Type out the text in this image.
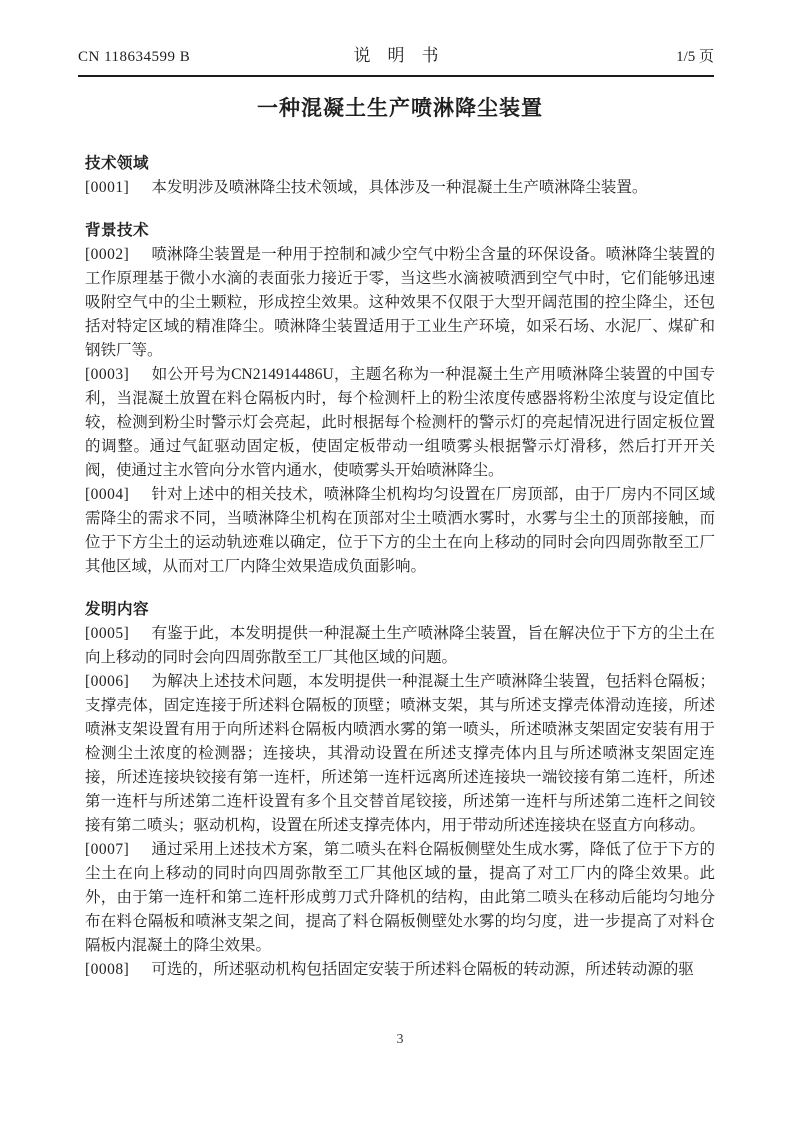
CN 118634599 B	说　明　书	1/5 页
一种混凝土生产喷淋降尘装置
技术领域

[0001] 本发明涉及喷淋降尘技术领域，具体涉及一种混凝土生产喷淋降尘装置。

背景技术

[0002] 喷淋降尘装置是一种用于控制和减少空气中粉尘含量的环保设备。喷淋降尘装置的工作原理基于微小水滴的表面张力接近于零，当这些水滴被喷洒到空气中时，它们能够迅速吸附空气中的尘土颗粒，形成控尘效果。这种效果不仅限于大型开阔范围的控尘降尘，还包括对特定区域的精准降尘。喷淋降尘装置适用于工业生产环境，如采石场、水泥厂、煤矿和钢铁厂等。

[0003] 如公开号为CN214914486U，主题名称为一种混凝土生产用喷淋降尘装置的中国专利，当混凝土放置在料仓隔板内时，每个检测杆上的粉尘浓度传感器将粉尘浓度与设定值比较，检测到粉尘时警示灯会亮起，此时根据每个检测杆的警示灯的亮起情况进行固定板位置的调整。通过气缸驱动固定板，使固定板带动一组喷雾头根据警示灯滑移，然后打开开关阀，使通过主水管向分水管内通水，使喷雾头开始喷淋降尘。

[0004] 针对上述中的相关技术，喷淋降尘机构均匀设置在厂房顶部，由于厂房内不同区域需降尘的需求不同，当喷淋降尘机构在顶部对尘土喷洒水雾时，水雾与尘土的顶部接触，而位于下方尘土的运动轨迹难以确定，位于下方的尘土在向上移动的同时会向四周弥散至工厂其他区域，从而对工厂内降尘效果造成负面影响。

发明内容

[0005] 有鉴于此，本发明提供一种混凝土生产喷淋降尘装置，旨在解决位于下方的尘土在向上移动的同时会向四周弥散至工厂其他区域的问题。

[0006] 为解决上述技术问题，本发明提供一种混凝土生产喷淋降尘装置，包括料仓隔板；支撑壳体，固定连接于所述料仓隔板的顶壁；喷淋支架，其与所述支撑壳体滑动连接，所述喷淋支架设置有用于向所述料仓隔板内喷洒水雾的第一喷头，所述喷淋支架固定安装有用于检测尘土浓度的检测器；连接块，其滑动设置在所述支撑壳体内且与所述喷淋支架固定连接，所述连接块铰接有第一连杆，所述第一连杆远离所述连接块一端铰接有第二连杆，所述第一连杆与所述第二连杆设置有多个且交替首尾铰接，所述第一连杆与所述第二连杆之间铰接有第二喷头；驱动机构，设置在所述支撑壳体内，用于带动所述连接块在竖直方向移动。

[0007] 通过采用上述技术方案，第二喷头在料仓隔板侧壁处生成水雾，降低了位于下方的尘土在向上移动的同时向四周弥散至工厂其他区域的量，提高了对工厂内的降尘效果。此外，由于第一连杆和第二连杆形成剪刀式升降机的结构，由此第二喷头在移动后能均匀地分布在料仓隔板和喷淋支架之间，提高了料仓隔板侧壁处水雾的均匀度，进一步提高了对料仓隔板内混凝土的降尘效果。

[0008] 可选的，所述驱动机构包括固定安装于所述料仓隔板的转动源，所述转动源的驱

3
